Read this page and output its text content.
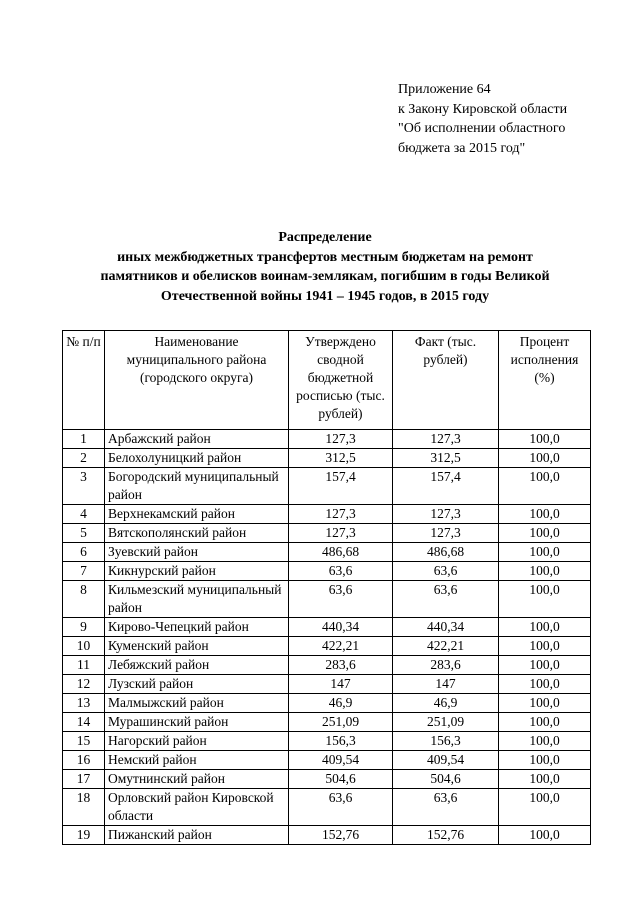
Приложение 64
к Закону Кировской области
"Об исполнении областного
бюджета за 2015 год"
Распределение
иных межбюджетных трансфертов местным бюджетам на ремонт
памятников и обелисков воинам-землякам, погибшим в годы Великой
Отечественной войны 1941 – 1945 годов, в 2015 году
№ п/п	Наименование муниципального района (городского округа)	Утверждено сводной бюджетной росписью (тыс. рублей)	Факт (тыс. рублей)	Процент исполнения (%)
1	Арбажский район	127,3	127,3	100,0
2	Белохолуницкий район	312,5	312,5	100,0
3	Богородский муниципальный район	157,4	157,4	100,0
4	Верхнекамский район	127,3	127,3	100,0
5	Вятскополянский район	127,3	127,3	100,0
6	Зуевский район	486,68	486,68	100,0
7	Кикнурский район	63,6	63,6	100,0
8	Кильмезский муниципальный район	63,6	63,6	100,0
9	Кирово-Чепецкий район	440,34	440,34	100,0
10	Куменский район	422,21	422,21	100,0
11	Лебяжский район	283,6	283,6	100,0
12	Лузский район	147	147	100,0
13	Малмыжский район	46,9	46,9	100,0
14	Мурашинский район	251,09	251,09	100,0
15	Нагорский район	156,3	156,3	100,0
16	Немский район	409,54	409,54	100,0
17	Омутнинский район	504,6	504,6	100,0
18	Орловский район Кировской области	63,6	63,6	100,0
19	Пижанский район	152,76	152,76	100,0
